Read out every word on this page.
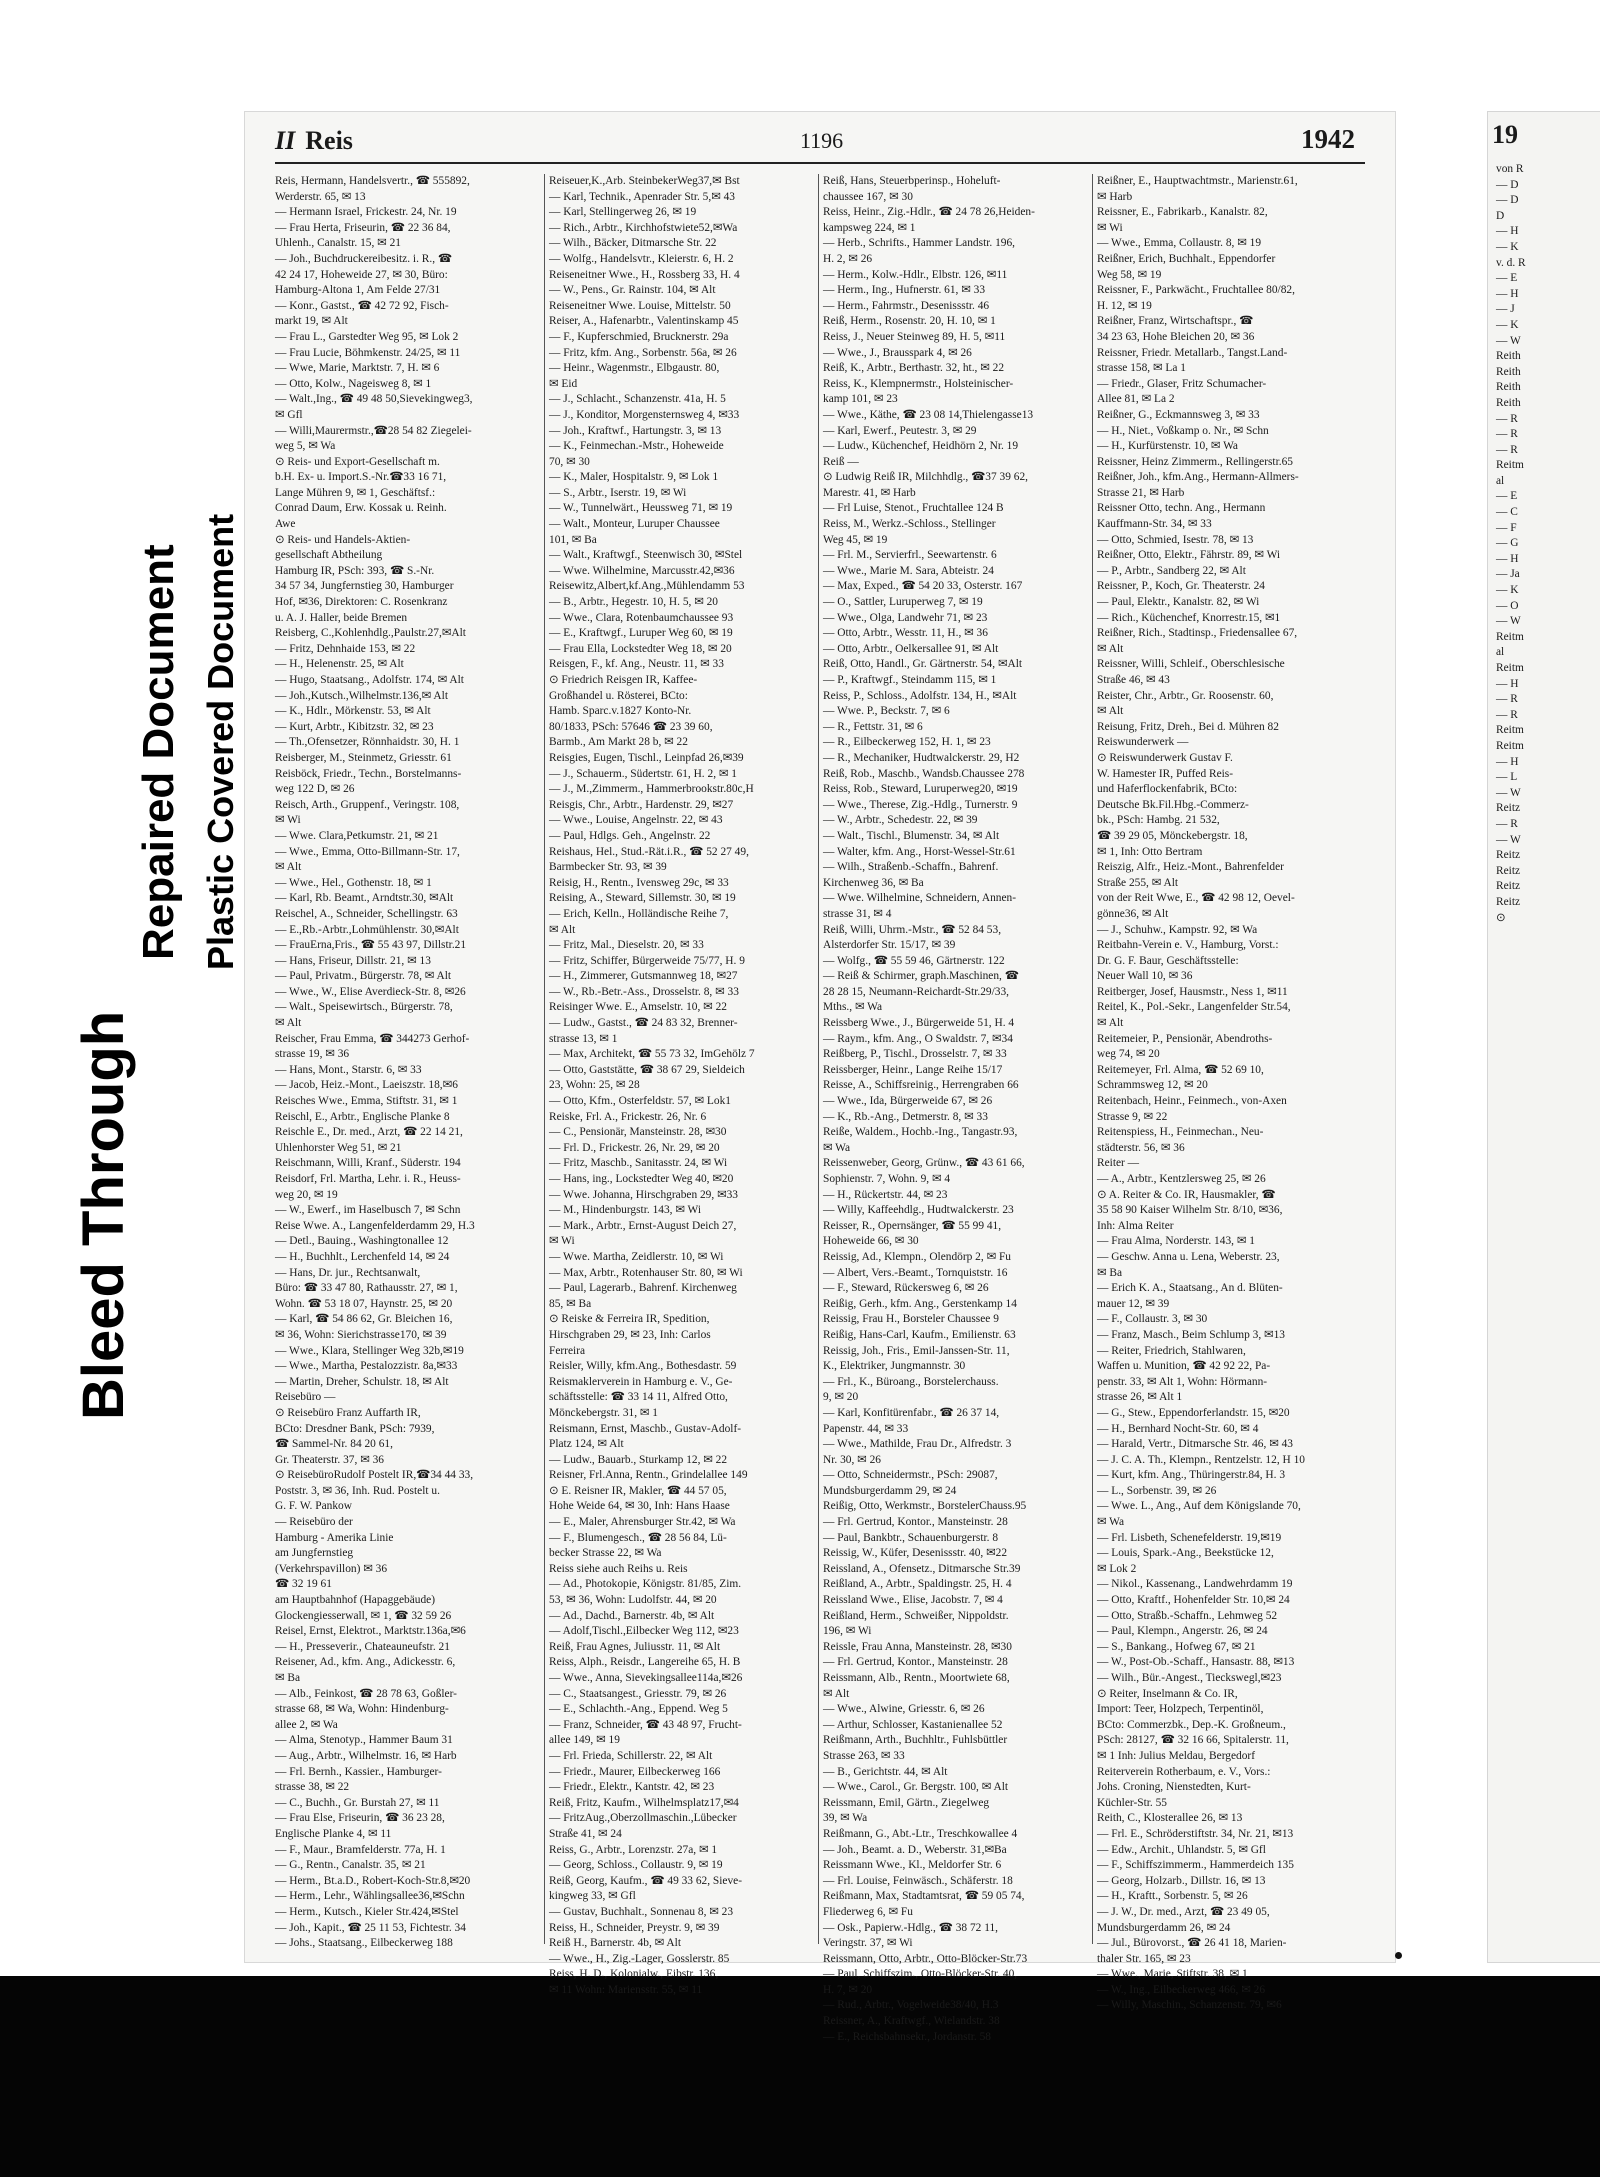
Bleed Through
Repaired Document Plastic Covered Document
II Reis	1196	1942
Reis, Hermann, Handelsvertr., ☎ 555892,
Werderstr. 65, ✉ 13
— Hermann Israel, Frickestr. 24, Nr. 19
— Frau Herta, Friseurin, ☎ 22 36 84,
Uhlenh., Canalstr. 15, ✉ 21
— Joh., Buchdruckereibesitz. i. R., ☎
42 24 17, Hoheweide 27, ✉ 30, Büro:
Hamburg-Altona 1, Am Felde 27/31
— Konr., Gastst., ☎ 42 72 92, Fisch-
markt 19, ✉ Alt
— Frau L., Garstedter Weg 95, ✉ Lok 2
— Frau Lucie, Böhmkenstr. 24/25, ✉ 11
— Wwe, Marie, Marktstr. 7, H. ✉ 6
— Otto, Kolw., Nageisweg 8, ✉ 1
— Walt.,Ing., ☎ 49 48 50,Sievekingweg3,
✉ Gfl
— Willi,Maurermstr.,☎28 54 82 Ziegelei-
weg 5, ✉ Wa
⊙ Reis- und Export-Gesellschaft m.
b.H. Ex- u. Import.S.-Nr.☎33 16 71,
Lange Mühren 9, ✉ 1, Geschäftsf.:
Conrad Daum, Erw. Kossak u. Reinh.
Awe
⊙ Reis- und Handels-Aktien-
gesellschaft Abtheilung
Hamburg IR, PSch: 393, ☎ S.-Nr.
34 57 34, Jungfernstieg 30, Hamburger
Hof, ✉36, Direktoren: C. Rosenkranz
u. A. J. Haller, beide Bremen
Reisberg, C.,Kohlenhdlg.,Paulstr.27,✉Alt
— Fritz, Dehnhaide 153, ✉ 22
— H., Helenenstr. 25, ✉ Alt
— Hugo, Staatsang., Adolfstr. 174, ✉ Alt
— Joh.,Kutsch.,Wilhelmstr.136,✉ Alt
— K., Hdlr., Mörkenstr. 53, ✉ Alt
— Kurt, Arbtr., Kibitzstr. 32, ✉ 23
— Th.,Ofensetzer, Rönnhaidstr. 30, H. 1
Reisberger, M., Steinmetz, Griesstr. 61
Reisböck, Friedr., Techn., Borstelmanns-
weg 122 D, ✉ 26
Reisch, Arth., Gruppenf., Veringstr. 108,
✉ Wi
— Wwe. Clara,Petkumstr. 21, ✉ 21
— Wwe., Emma, Otto-Billmann-Str. 17,
✉ Alt
— Wwe., Hel., Gothenstr. 18, ✉ 1
— Karl, Rb. Beamt., Arndtstr.30, ✉Alt
Reischel, A., Schneider, Schellingstr. 63
— E.,Rb.-Arbtr.,Lohmühlenstr. 30,✉Alt
— FrauErna,Fris., ☎ 55 43 97, Dillstr.21
— Hans, Friseur, Dillstr. 21, ✉ 13
— Paul, Privatm., Bürgerstr. 78, ✉ Alt
— Wwe., W., Elise Averdieck-Str. 8, ✉26
— Walt., Speisewirtsch., Bürgerstr. 78,
✉ Alt
Reischer, Frau Emma, ☎ 344273 Gerhof-
strasse 19, ✉ 36
— Hans, Mont., Starstr. 6, ✉ 33
— Jacob, Heiz.-Mont., Laeiszstr. 18,✉6
Reisches Wwe., Emma, Stiftstr. 31, ✉ 1
Reischl, E., Arbtr., Englische Planke 8
Reischle E., Dr. med., Arzt, ☎ 22 14 21,
Uhlenhorster Weg 51, ✉ 21
Reischmann, Willi, Kranf., Süderstr. 194
Reisdorf, Frl. Martha, Lehr. i. R., Heuss-
weg 20, ✉ 19
— W., Ewerf., im Haselbusch 7, ✉ Schn
Reise Wwe. A., Langenfelderdamm 29, H.3
— Detl., Bauing., Washingtonallee 12
— H., Buchhlt., Lerchenfeld 14, ✉ 24
— Hans, Dr. jur., Rechtsanwalt,
Büro: ☎ 33 47 80, Rathausstr. 27, ✉ 1,
Wohn. ☎ 53 18 07, Haynstr. 25, ✉ 20
— Karl, ☎ 54 86 62, Gr. Bleichen 16,
✉ 36, Wohn: Sierichstrasse170, ✉ 39
— Wwe., Klara, Stellinger Weg 32b,✉19
— Wwe., Martha, Pestalozzistr. 8a,✉33
— Martin, Dreher, Schulstr. 18, ✉ Alt
Reisebüro —
⊙ Reisebüro Franz Auffarth IR,
BCto: Dresdner Bank, PSch: 7939,
☎ Sammel-Nr. 84 20 61,
Gr. Theaterstr. 37, ✉ 36
⊙ ReisebüroRudolf Postelt IR,☎34 44 33,
Poststr. 3, ✉ 36, Inh. Rud. Postelt u.
G. F. W. Pankow
— Reisebüro der
Hamburg - Amerika Linie
am Jungfernstieg
(Verkehrspavillon) ✉ 36
☎ 32 19 61
am Hauptbahnhof (Hapaggebäude)
Glockengiesserwall, ✉ 1, ☎ 32 59 26
Reisel, Ernst, Elektrot., Marktstr.136a,✉6
— H., Presseverir., Chateauneufstr. 21
Reisener, Ad., kfm. Ang., Adickesstr. 6,
✉ Ba
— Alb., Feinkost, ☎ 28 78 63, Goßler-
strasse 68, ✉ Wa, Wohn: Hindenburg-
allee 2, ✉ Wa
— Alma, Stenotyp., Hammer Baum 31
— Aug., Arbtr., Wilhelmstr. 16, ✉ Harb
— Frl. Bernh., Kassier., Hamburger-
strasse 38, ✉ 22
— C., Buchh., Gr. Burstah 27, ✉ 11
— Frau Else, Friseurin, ☎ 36 23 28,
Englische Planke 4, ✉ 11
— F., Maur., Bramfelderstr. 77a, H. 1
— G., Rentn., Canalstr. 35, ✉ 21
— Herm., Bt.a.D., Robert-Koch-Str.8,✉20
— Herm., Lehr., Wählingsallee36,✉Schn
— Herm., Kutsch., Kieler Str.424,✉Stel
— Joh., Kapit., ☎ 25 11 53, Fichtestr. 34
— Johs., Staatsang., Eilbeckerweg 188
Reiseuer,K.,Arb. SteinbekerWeg37,✉ Bst
— Karl, Technik., Apenrader Str. 5,✉ 43
— Karl, Stellingerweg 26, ✉ 19
— Rich., Arbtr., Kirchhofstwiete52,✉Wa
— Wilh., Bäcker, Ditmarsche Str. 22
— Wolfg., Handelsvtr., Kleierstr. 6, H. 2
Reiseneitner Wwe., H., Rossberg 33, H. 4
— W., Pens., Gr. Rainstr. 104, ✉ Alt
Reiseneitner Wwe. Louise, Mittelstr. 50
Reiser, A., Hafenarbtr., Valentinskamp 45
— F., Kupferschmied, Brucknerstr. 29a
— Fritz, kfm. Ang., Sorbenstr. 56a, ✉ 26
— Heinr., Wagenmstr., Elbgaustr. 80,
✉ Eid
— J., Schlacht., Schanzenstr. 41a, H. 5
— J., Konditor, Morgensternsweg 4, ✉33
— Joh., Kraftwf., Hartungstr. 3, ✉ 13
— K., Feinmechan.-Mstr., Hoheweide
70, ✉ 30
— K., Maler, Hospitalstr. 9, ✉ Lok 1
— S., Arbtr., Iserstr. 19, ✉ Wi
— W., Tunnelwärt., Heussweg 71, ✉ 19
— Walt., Monteur, Luruper Chaussee
101, ✉ Ba
— Walt., Kraftwgf., Steenwisch 30, ✉Stel
— Wwe. Wilhelmine, Marcusstr.42,✉36
Reisewitz,Albert,kf.Ang.,Mühlendamm 53
— B., Arbtr., Hegestr. 10, H. 5, ✉ 20
— Wwe., Clara, Rotenbaumchaussee 93
— E., Kraftwgf., Luruper Weg 60, ✉ 19
— Frau Ella, Lockstedter Weg 18, ✉ 20
Reisgen, F., kf. Ang., Neustr. 11, ✉ 33
⊙ Friedrich Reisgen IR, Kaffee-
Großhandel u. Rösterei, BCto:
Hamb. Sparc.v.1827 Konto-Nr.
80/1833, PSch: 57646 ☎ 23 39 60,
Barmb., Am Markt 28 b, ✉ 22
Reisgies, Eugen, Tischl., Leinpfad 26,✉39
— J., Schauerm., Südertstr. 61, H. 2, ✉ 1
— J., M.,Zimmerm., Hammerbrookstr.80c,H
Reisgis, Chr., Arbtr., Hardenstr. 29, ✉27
— Wwe., Louise, Angelnstr. 22, ✉ 43
— Paul, Hdlgs. Geh., Angelnstr. 22
Reishaus, Hel., Stud.-Rät.i.R., ☎ 52 27 49,
Barmbecker Str. 93, ✉ 39
Reisig, H., Rentn., Ivensweg 29c, ✉ 33
Reising, A., Steward, Sillemstr. 30, ✉ 19
— Erich, Kelln., Holländische Reihe 7,
✉ Alt
— Fritz, Mal., Dieselstr. 20, ✉ 33
— Fritz, Schiffer, Bürgerweide 75/77, H. 9
— H., Zimmerer, Gutsmannweg 18, ✉27
— W., Rb.-Betr.-Ass., Drosselstr. 8, ✉ 33
Reisinger Wwe. E., Amselstr. 10, ✉ 22
— Ludw., Gastst., ☎ 24 83 32, Brenner-
strasse 13, ✉ 1
— Max, Architekt, ☎ 55 73 32, ImGehölz 7
— Otto, Gaststätte, ☎ 38 67 29, Sieldeich
23, Wohn: 25, ✉ 28
— Otto, Kfm., Osterfeldstr. 57, ✉ Lok1
Reiske, Frl. A., Frickestr. 26, Nr. 6
— C., Pensionär, Mansteinstr. 28, ✉30
— Frl. D., Frickestr. 26, Nr. 29, ✉ 20
— Fritz, Maschb., Sanitasstr. 24, ✉ Wi
— Hans, ing., Lockstedter Weg 40, ✉20
— Wwe. Johanna, Hirschgraben 29, ✉33
— M., Hindenburgstr. 143, ✉ Wi
— Mark., Arbtr., Ernst-August Deich 27,
✉ Wi
— Wwe. Martha, Zeidlerstr. 10, ✉ Wi
— Max, Arbtr., Rotenhauser Str. 80, ✉ Wi
— Paul, Lagerarb., Bahrenf. Kirchenweg
85, ✉ Ba
⊙ Reiske & Ferreira IR, Spedition,
Hirschgraben 29, ✉ 23, Inh: Carlos
Ferreira
Reisler, Willy, kfm.Ang., Bothesdastr. 59
Reismaklerverein in Hamburg e. V., Ge-
schäftsstelle: ☎ 33 14 11, Alfred Otto,
Mönckebergstr. 31, ✉ 1
Reismann, Ernst, Maschb., Gustav-Adolf-
Platz 124, ✉ Alt
— Ludw., Bauarb., Sturkamp 12, ✉ 22
Reisner, Frl.Anna, Rentn., Grindelallee 149
⊙ E. Reisner IR, Makler, ☎ 44 57 05,
Hohe Weide 64, ✉ 30, Inh: Hans Haase
— E., Maler, Ahrensburger Str.42, ✉ Wa
— F., Blumengesch., ☎ 28 56 84, Lü-
becker Strasse 22, ✉ Wa
Reiss siehe auch Reihs u. Reis
— Ad., Photokopie, Königstr. 81/85, Zim.
53, ✉ 36, Wohn: Ludolfstr. 44, ✉ 20
— Ad., Dachd., Barnerstr. 4b, ✉ Alt
— Adolf,Tischl.,Eilbecker Weg 112, ✉23
Reiß, Frau Agnes, Juliusstr. 11, ✉ Alt
Reiss, Alph., Reisdr., Langereihe 65, H. B
— Wwe., Anna, Sievekingsallee114a,✉26
— C., Staatsangest., Griesstr. 79, ✉ 26
— E., Schlachth.-Ang., Eppend. Weg 5
— Franz, Schneider, ☎ 43 48 97, Frucht-
allee 149, ✉ 19
— Frl. Frieda, Schillerstr. 22, ✉ Alt
— Friedr., Maurer, Eilbeckerweg 166
— Friedr., Elektr., Kantstr. 42, ✉ 23
Reiß, Fritz, Kaufm., Wilhelmsplatz17,✉4
— FritzAug.,Oberzollmaschin.,Lübecker
Straße 41, ✉ 24
Reiss, G., Arbtr., Lorenzstr. 27a, ✉ 1
— Georg, Schloss., Collaustr. 9, ✉ 19
Reiß, Georg, Kaufm., ☎ 49 33 62, Sieve-
kingweg 33, ✉ Gfl
— Gustav, Buchhalt., Sonnenau 8, ✉ 23
Reiss, H., Schneider, Preystr. 9, ✉ 39
Reiß H., Barnerstr. 4b, ✉ Alt
— Wwe., H., Zig.-Lager, Gosslerstr. 85
Reiss, H. D., Kolonialw., Eibstr. 136,
✉ 11 Wohn: Mariensstr. 55, ✉ 11
Reiß, Hans, Steuerbperinsp., Hoheluft-
chaussee 167, ✉ 30
Reiss, Heinr., Zig.-Hdlr., ☎ 24 78 26,Heiden-
kampsweg 224, ✉ 1
— Herb., Schrifts., Hammer Landstr. 196,
H. 2, ✉ 26
— Herm., Kolw.-Hdlr., Elbstr. 126, ✉11
— Herm., Ing., Hufnerstr. 61, ✉ 33
— Herm., Fahrmstr., Desenissstr. 46
Reiß, Herm., Rosenstr. 20, H. 10, ✉ 1
Reiss, J., Neuer Steinweg 89, H. 5, ✉11
— Wwe., J., Brausspark 4, ✉ 26
Reiß, K., Arbtr., Berthastr. 32, ht., ✉ 22
Reiss, K., Klempnermstr., Holsteinischer-
kamp 101, ✉ 23
— Wwe., Käthe, ☎ 23 08 14,Thielengasse13
— Karl, Ewerf., Peutestr. 3, ✉ 29
— Ludw., Küchenchef, Heidhörn 2, Nr. 19
Reiß —
⊙ Ludwig Reiß IR, Milchhdlg., ☎37 39 62,
Marestr. 41, ✉ Harb
— Frl Luise, Stenot., Fruchtallee 124 B
Reiss, M., Werkz.-Schloss., Stellinger
Weg 45, ✉ 19
— Frl. M., Servierfrl., Seewartenstr. 6
— Wwe., Marie M. Sara, Abteistr. 24
— Max, Exped., ☎ 54 20 33, Osterstr. 167
— O., Sattler, Luruperweg 7, ✉ 19
— Wwe., Olga, Landwehr 71, ✉ 23
— Otto, Arbtr., Wesstr. 11, H., ✉ 36
— Otto, Arbtr., Oelkersallee 91, ✉ Alt
Reiß, Otto, Handl., Gr. Gärtnerstr. 54, ✉Alt
— P., Kraftwgf., Steindamm 115, ✉ 1
Reiss, P., Schloss., Adolfstr. 134, H., ✉Alt
— Wwe. P., Beckstr. 7, ✉ 6
— R., Fettstr. 31, ✉ 6
— R., Eilbeckerweg 152, H. 1, ✉ 23
— R., Mechaniker, Hudtwalckerstr. 29, H2
Reiß, Rob., Maschb., Wandsb.Chaussee 278
Reiss, Rob., Steward, Luruperweg20, ✉19
— Wwe., Therese, Zig.-Hdlg., Turnerstr. 9
— W., Arbtr., Schedestr. 22, ✉ 39
— Walt., Tischl., Blumenstr. 34, ✉ Alt
— Walter, kfm. Ang., Horst-Wessel-Str.61
— Wilh., Straßenb.-Schaffn., Bahrenf.
Kirchenweg 36, ✉ Ba
— Wwe. Wilhelmine, Schneidern, Annen-
strasse 31, ✉ 4
Reiß, Willi, Uhrm.-Mstr., ☎ 52 84 53,
Alsterdorfer Str. 15/17, ✉ 39
— Wolfg., ☎ 55 59 46, Gärtnerstr. 122
— Reiß & Schirmer, graph.Maschinen, ☎
28 28 15, Neumann-Reichardt-Str.29/33,
Mths., ✉ Wa
Reissberg Wwe., J., Bürgerweide 51, H. 4
— Raym., kfm. Ang., O Swaldstr. 7, ✉34
Reißberg, P., Tischl., Drosselstr. 7, ✉ 33
Reissberger, Heinr., Lange Reihe 15/17
Reisse, A., Schiffsreinig., Herrengraben 66
— Wwe., Ida, Bürgerweide 67, ✉ 26
— K., Rb.-Ang., Detmerstr. 8, ✉ 33
Reiße, Waldem., Hochb.-Ing., Tangastr.93,
✉ Wa
Reissenweber, Georg, Grünw., ☎ 43 61 66,
Sophienstr. 7, Wohn. 9, ✉ 4
— H., Rückertstr. 44, ✉ 23
— Willy, Kaffeehdlg., Hudtwalckerstr. 23
Reisser, R., Opernsänger, ☎ 55 99 41,
Hoheweide 66, ✉ 30
Reissig, Ad., Klempn., Olendörp 2, ✉ Fu
— Albert, Vers.-Beamt., Tornquiststr. 16
— F., Steward, Rückersweg 6, ✉ 26
Reißig, Gerh., kfm. Ang., Gerstenkamp 14
Reissig, Frau H., Borsteler Chaussee 9
Reißig, Hans-Carl, Kaufm., Emilienstr. 63
Reissig, Joh., Fris., Emil-Janssen-Str. 11,
K., Elektriker, Jungmannstr. 30
— Frl., K., Büroang., Borstelerchauss.
9, ✉ 20
— Karl, Konfitürenfabr., ☎ 26 37 14,
Papenstr. 44, ✉ 33
— Wwe., Mathilde, Frau Dr., Alfredstr. 3
Nr. 30, ✉ 26
— Otto, Schneidermstr., PSch: 29087,
Mundsburgerdamm 29, ✉ 24
Reißig, Otto, Werkmstr., BorstelerChauss.95
— Frl. Gertrud, Kontor., Mansteinstr. 28
— Paul, Bankbtr., Schauenburgerstr. 8
Reissig, W., Küfer, Desenissstr. 40, ✉22
Reissland, A., Ofensetz., Ditmarsche Str.39
Reißland, A., Arbtr., Spaldingstr. 25, H. 4
Reissland Wwe., Elise, Jacobstr. 7, ✉ 4
Reißland, Herm., Schweißer, Nippoldstr.
196, ✉ Wi
Reissle, Frau Anna, Mansteinstr. 28, ✉30
— Frl. Gertrud, Kontor., Mansteinstr. 28
Reissmann, Alb., Rentn., Moortwiete 68,
✉ Alt
— Wwe., Alwine, Griesstr. 6, ✉ 26
— Arthur, Schlosser, Kastanienallee 52
Reißmann, Arth., Buchhltr., Fuhlsbüttler
Strasse 263, ✉ 33
— B., Gerichtstr. 44, ✉ Alt
— Wwe., Carol., Gr. Bergstr. 100, ✉ Alt
Reissmann, Emil, Gärtn., Ziegelweg
39, ✉ Wa
Reißmann, G., Abt.-Ltr., Treschkowallee 4
— Joh., Beamt. a. D., Weberstr. 31,✉Ba
Reissmann Wwe., Kl., Meldorfer Str. 6
— Frl. Louise, Feinwäsch., Schäferstr. 18
Reißmann, Max, Stadtamtsrat, ☎ 59 05 74,
Fliederweg 6, ✉ Fu
— Osk., Papierw.-Hdlg., ☎ 38 72 11,
Veringstr. 37, ✉ Wi
Reissmann, Otto, Arbtr., Otto-Blöcker-Str.73
— Paul, Schiffszim., Otto-Blöcker-Str. 40,
H. 7, ✉ 20
— Rud., Arbtr., Vogelweide38/40, H.3
Reissner, A., Kraftwgf., Wielandstr. 38
— E., Reichsbahnsekr., Jordanstr. 58
Reißner, E., Hauptwachtmstr., Marienstr.61,
✉ Harb
Reissner, E., Fabrikarb., Kanalstr. 82,
✉ Wi
— Wwe., Emma, Collaustr. 8, ✉ 19
Reißner, Erich, Buchhalt., Eppendorfer
Weg 58, ✉ 19
Reissner, F., Parkwächt., Fruchtallee 80/82,
H. 12, ✉ 19
Reißner, Franz, Wirtschaftspr., ☎
34 23 63, Hohe Bleichen 20, ✉ 36
Reissner, Friedr. Metallarb., Tangst.Land-
strasse 158, ✉ La 1
— Friedr., Glaser, Fritz Schumacher-
Allee 81, ✉ La 2
Reißner, G., Eckmannsweg 3, ✉ 33
— H., Niet., Voßkamp o. Nr., ✉ Schn
— H., Kurfürstenstr. 10, ✉ Wa
Reissner, Heinz Zimmerm., Rellingerstr.65
Reißner, Joh., kfm.Ang., Hermann-Allmers-
Strasse 21, ✉ Harb
Reissner Otto, techn. Ang., Hermann
Kauffmann-Str. 34, ✉ 33
— Otto, Schmied, Isestr. 78, ✉ 13
Reißner, Otto, Elektr., Fährstr. 89, ✉ Wi
— P., Arbtr., Sandberg 22, ✉ Alt
Reissner, P., Koch, Gr. Theaterstr. 24
— Paul, Elektr., Kanalstr. 82, ✉ Wi
— Rich., Küchenchef, Knorrestr.15, ✉1
Reißner, Rich., Stadtinsp., Friedensallee 67,
✉ Alt
Reissner, Willi, Schleif., Oberschlesische
Straße 46, ✉ 43
Reister, Chr., Arbtr., Gr. Roosenstr. 60,
✉ Alt
Reisung, Fritz, Dreh., Bei d. Mühren 82
Reiswunderwerk —
⊙ Reiswunderwerk Gustav F.
W. Hamester IR, Puffed Reis-
und Haferflockenfabrik, BCto:
Deutsche Bk.Fil.Hbg.-Commerz-
bk., PSch: Hambg. 21 532,
☎ 39 29 05, Mönckebergstr. 18,
✉ 1, Inh: Otto Bertram
Reiszig, Alfr., Heiz.-Mont., Bahrenfelder
Straße 255, ✉ Alt
von der Reit Wwe, E., ☎ 42 98 12, Oevel-
gönne36, ✉ Alt
— J., Schuhw., Kampstr. 92, ✉ Wa
Reitbahn-Verein e. V., Hamburg, Vorst.:
Dr. G. F. Baur, Geschäftsstelle:
Neuer Wall 10, ✉ 36
Reitberger, Josef, Hausmstr., Ness 1, ✉11
Reitel, K., Pol.-Sekr., Langenfelder Str.54,
✉ Alt
Reitemeier, P., Pensionär, Abendroths-
weg 74, ✉ 20
Reitemeyer, Frl. Alma, ☎ 52 69 10,
Schrammsweg 12, ✉ 20
Reitenbach, Heinr., Feinmech., von-Axen
Strasse 9, ✉ 22
Reitenspiess, H., Feinmechan., Neu-
städterstr. 56, ✉ 36
Reiter —
— A., Arbtr., Kentzlersweg 25, ✉ 26
⊙ A. Reiter & Co. IR, Hausmakler, ☎
35 58 90 Kaiser Wilhelm Str. 8/10, ✉36,
Inh: Alma Reiter
— Frau Alma, Norderstr. 143, ✉ 1
— Geschw. Anna u. Lena, Weberstr. 23,
✉ Ba
— Erich K. A., Staatsang., An d. Blüten-
mauer 12, ✉ 39
— F., Collaustr. 3, ✉ 30
— Franz, Masch., Beim Schlump 3, ✉13
— Reiter, Friedrich, Stahlwaren,
Waffen u. Munition, ☎ 42 92 22, Pa-
penstr. 33, ✉ Alt 1, Wohn: Hörmann-
strasse 26, ✉ Alt 1
— G., Stew., Eppendorferlandstr. 15, ✉20
— H., Bernhard Nocht-Str. 60, ✉ 4
— Harald, Vertr., Ditmarsche Str. 46, ✉ 43
— J. C. A. Th., Klempn., Rentzelstr. 12, H 10
— Kurt, kfm. Ang., Thüringerstr.84, H. 3
— L., Sorbenstr. 39, ✉ 26
— Wwe. L., Ang., Auf dem Königslande 70,
✉ Wa
— Frl. Lisbeth, Schenefelderstr. 19,✉19
— Louis, Spark.-Ang., Beekstücke 12,
✉ Lok 2
— Nikol., Kassenang., Landwehrdamm 19
— Otto, Kraftf., Hohenfelder Str. 10,✉ 24
— Otto, Straßb.-Schaffn., Lehmweg 52
— Paul, Klempn., Angerstr. 26, ✉ 24
— S., Bankang., Hofweg 67, ✉ 21
— W., Post-Ob.-Schaff., Hansastr. 88, ✉13
— Wilh., Bür.-Angest., Tieckswegl,✉23
⊙ Reiter, Inselmann & Co. IR,
Import: Teer, Holzpech, Terpentinöl,
BCto: Commerzbk., Dep.-K. Großneum.,
PSch: 28127, ☎ 32 16 66, Spitalerstr. 11,
✉ 1 Inh: Julius Meldau, Bergedorf
Reiterverein Rotherbaum, e. V., Vors.:
Johs. Croning, Nienstedten, Kurt-
Küchler-Str. 55
Reith, C., Klosterallee 26, ✉ 13
— Frl. E., Schröderstiftstr. 34, Nr. 21, ✉13
— Edw., Archit., Uhlandstr. 5, ✉ Gfl
— F., Schiffszimmerm., Hammerdeich 135
— Georg, Holzarb., Dillstr. 16, ✉ 13
— H., Kraftt., Sorbenstr. 5, ✉ 26
— J. W., Dr. med., Arzt, ☎ 23 49 05,
Mundsburgerdamm 26, ✉ 24
— Jul., Bürovorst., ☎ 26 41 18, Marien-
thaler Str. 165, ✉ 23
— Wwe., Marie, Stiftstr. 38, ✉ 1
— W., Ing., Eilbeckerweg 466, ✉ 26
— Willy, Maschin., Schanzenstr. 79, ✉6
19
von R
— D
— D
D
— H
— K
v. d. R
— E
— H
— J
— K
— W
Reith
Reith
Reith
Reith
— R
— R
— R
Reitm
al
— E
— C
— F
— G
— H
— Ja
— K
— O
— W
Reitm
al
Reitm
— H
— R
— R
Reitm
Reitm
— H
— L
— W
Reitz
— R
— W
Reitz
Reitz
Reitz
Reitz
⊙
